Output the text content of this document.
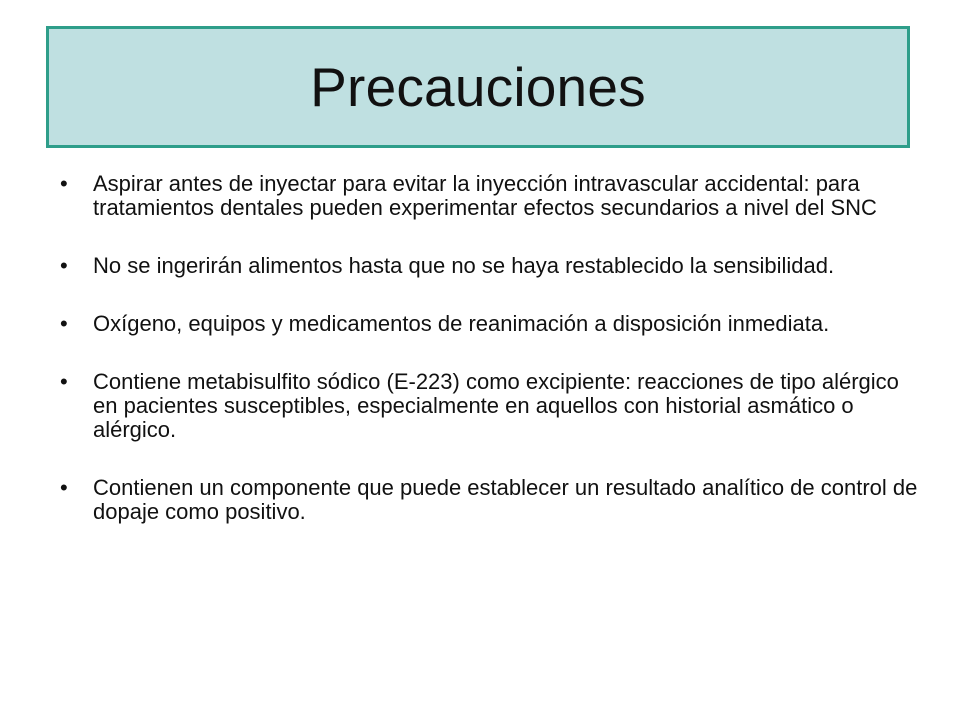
Precauciones
•	Aspirar antes de inyectar para evitar la inyección intravascular accidental: para tratamientos dentales pueden experimentar efectos secundarios a nivel del SNC
•	No se ingerirán alimentos hasta que no se haya restablecido la sensibilidad.
•	Oxígeno, equipos y medicamentos de reanimación a disposición inmediata.
•	Contiene metabisulfito sódico (E-223) como excipiente: reacciones de tipo alérgico en pacientes susceptibles, especialmente en aquellos con historial asmático o alérgico.
•	Contienen un componente que puede establecer un resultado analítico de control de dopaje como positivo.
